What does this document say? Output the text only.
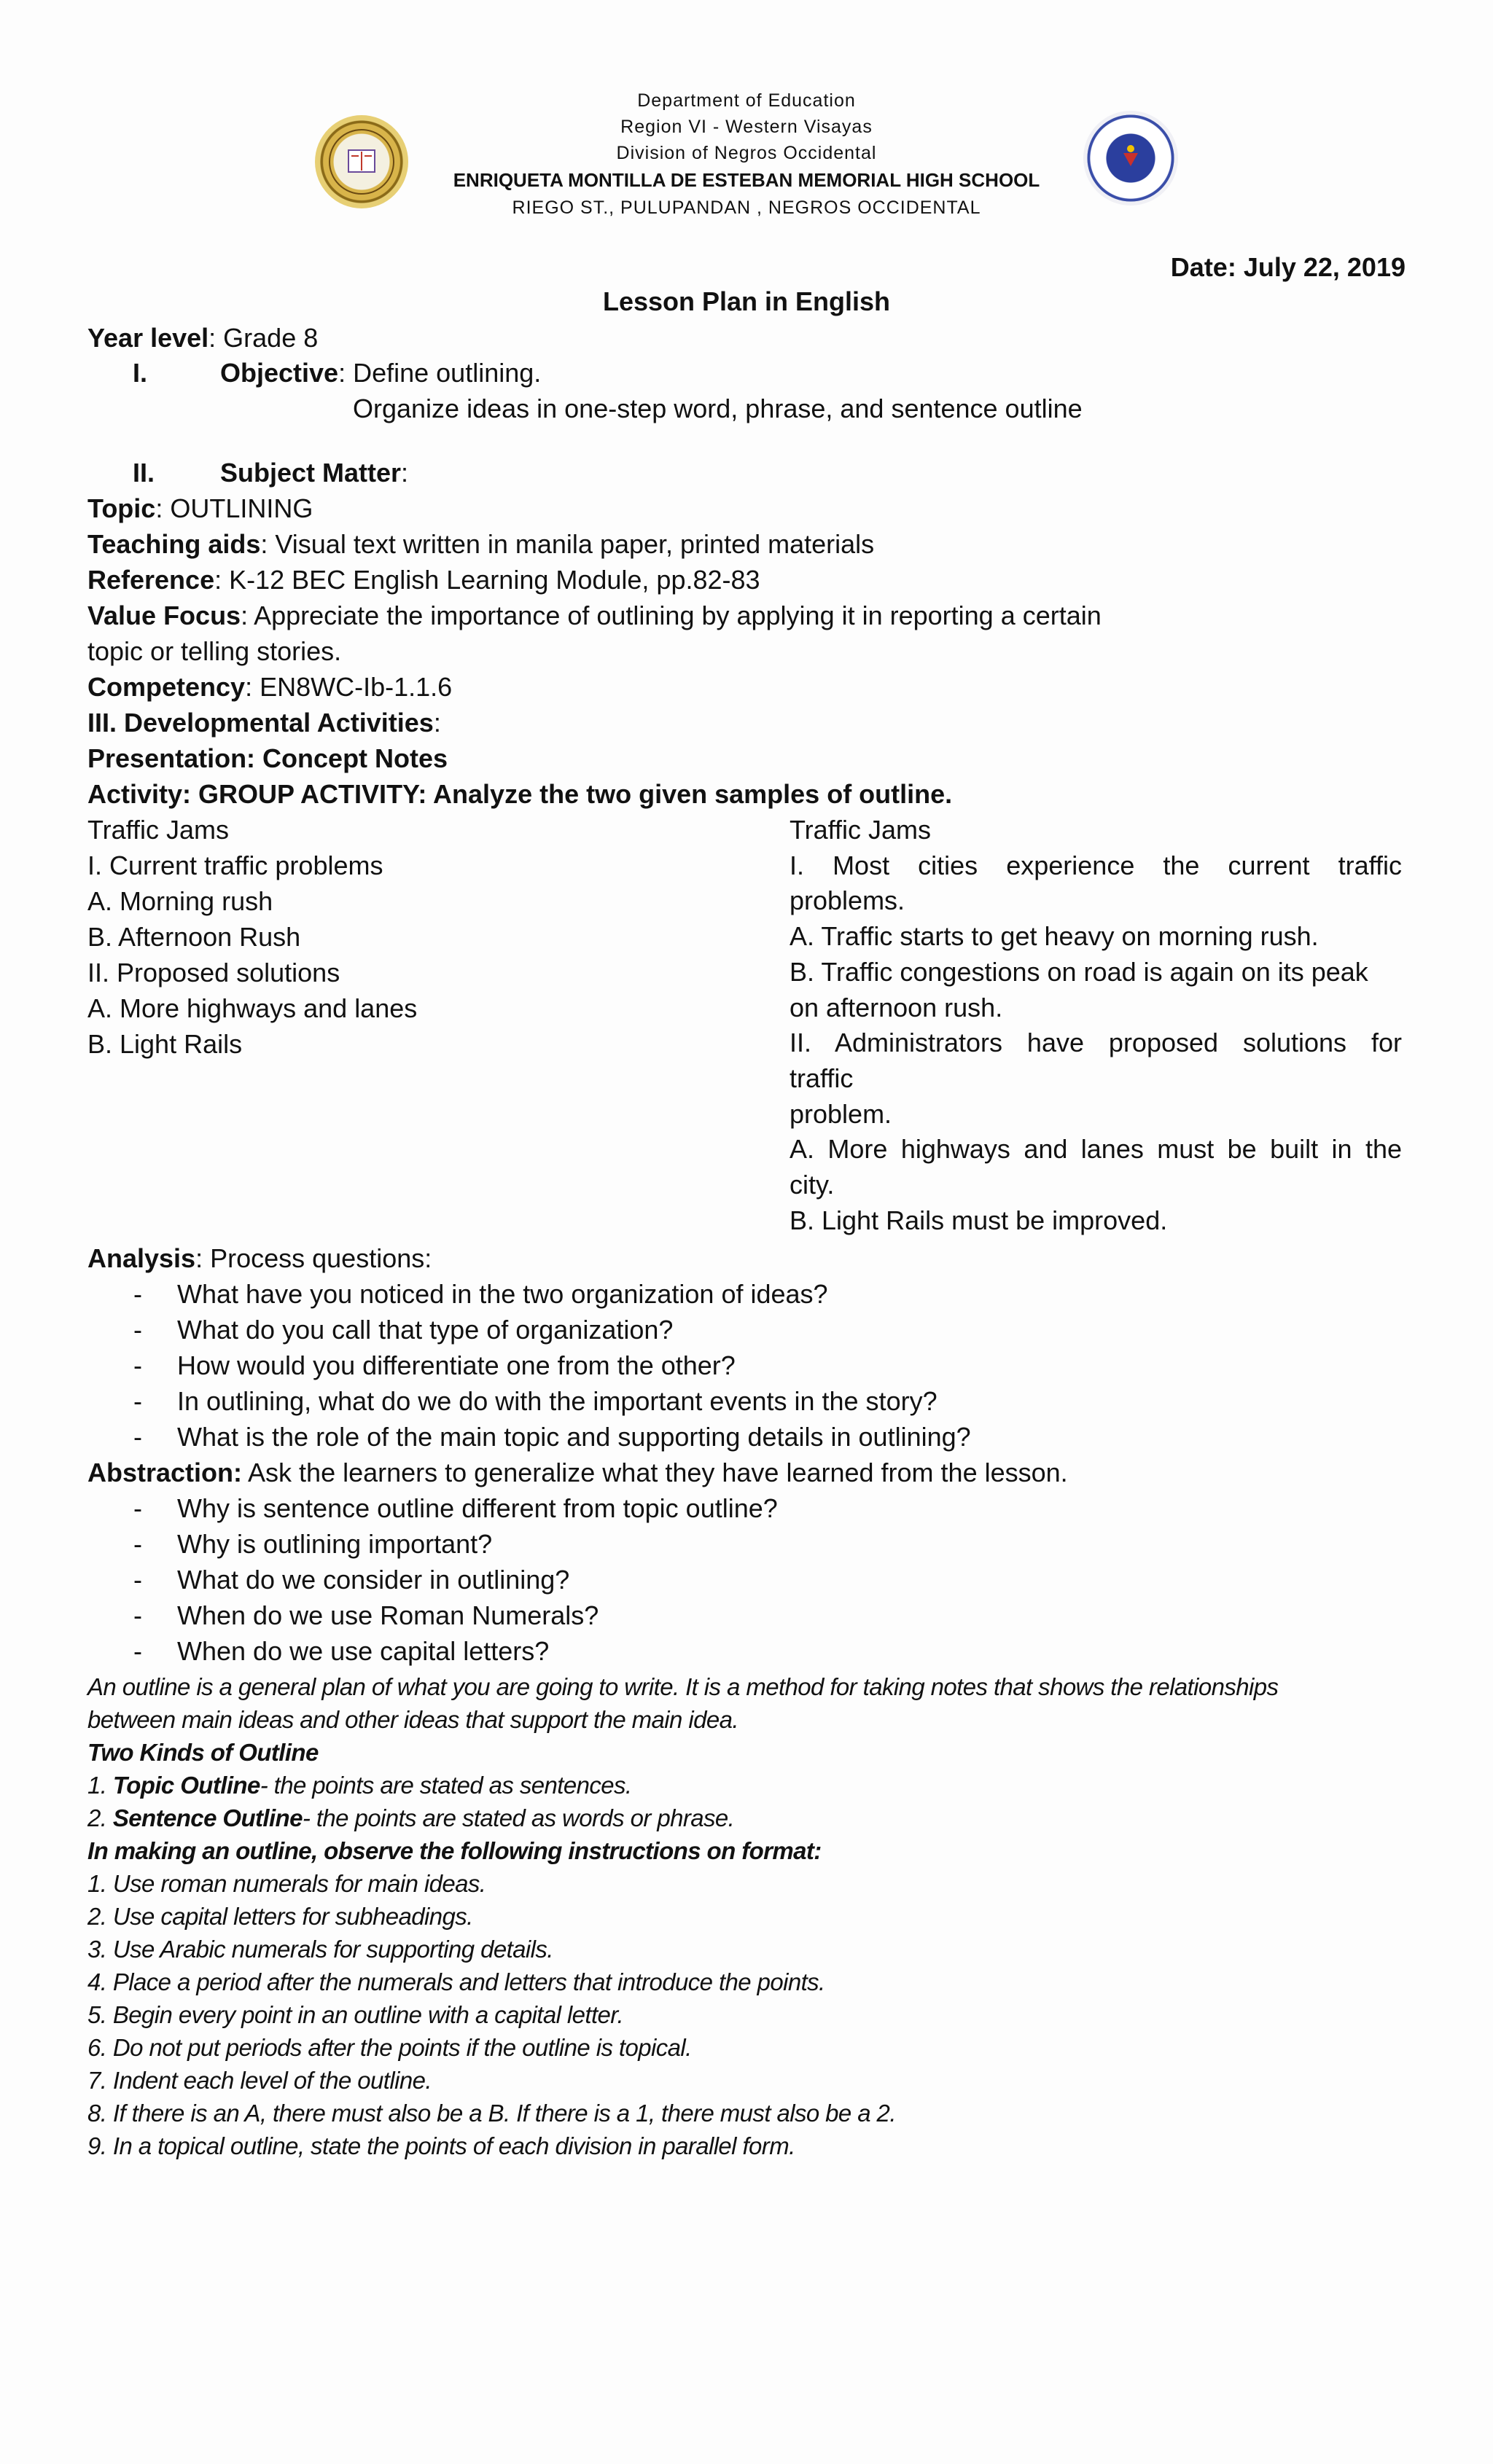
Department of Education
Region VI - Western Visayas
Division of Negros Occidental
ENRIQUETA MONTILLA DE ESTEBAN MEMORIAL HIGH SCHOOL
RIEGO ST., PULUPANDAN , NEGROS OCCIDENTAL
Date: July 22, 2019
Lesson Plan in English
Year level: Grade 8
I.	Objective: Define outlining.
Organize ideas in one-step word, phrase, and sentence outline
II. Subject Matter:
Topic: OUTLINING
Teaching aids: Visual text written in manila paper, printed materials
Reference: K-12 BEC English Learning Module, pp.82-83
Value Focus: Appreciate the importance of outlining by applying it in reporting a certain
topic or telling stories.
Competency: EN8WC-Ib-1.1.6
III. Developmental Activities:
Presentation: Concept Notes
Activity: GROUP ACTIVITY: Analyze the two given samples of outline.
Traffic Jams
I. Current traffic problems
A. Morning rush
B. Afternoon Rush
II. Proposed solutions
A. More highways and lanes
B. Light Rails
Traffic Jams
I. Most cities experience the current traffic
problems.
A. Traffic starts to get heavy on morning rush.
B. Traffic congestions on road is again on its peak
on afternoon rush.
II. Administrators have proposed solutions for
traffic
problem.
A. More highways and lanes must be built in the
city.
B. Light Rails must be improved.
Analysis: Process questions:
- What have you noticed in the two organization of ideas?
- What do you call that type of organization?
- How would you differentiate one from the other?
- In outlining, what do we do with the important events in the story?
- What is the role of the main topic and supporting details in outlining?
Abstraction: Ask the learners to generalize what they have learned from the lesson.
- Why is sentence outline different from topic outline?
- Why is outlining important?
- What do we consider in outlining?
- When do we use Roman Numerals?
- When do we use capital letters?
An outline is a general plan of what you are going to write. It is a method for taking notes that shows the relationships
between main ideas and other ideas that support the main idea.
Two Kinds of Outline
1. Topic Outline- the points are stated as sentences.
2. Sentence Outline- the points are stated as words or phrase.
In making an outline, observe the following instructions on format:
1. Use roman numerals for main ideas.
2. Use capital letters for subheadings.
3. Use Arabic numerals for supporting details.
4. Place a period after the numerals and letters that introduce the points.
5. Begin every point in an outline with a capital letter.
6. Do not put periods after the points if the outline is topical.
7. Indent each level of the outline.
8. If there is an A, there must also be a B. If there is a 1, there must also be a 2.
9. In a topical outline, state the points of each division in parallel form.
